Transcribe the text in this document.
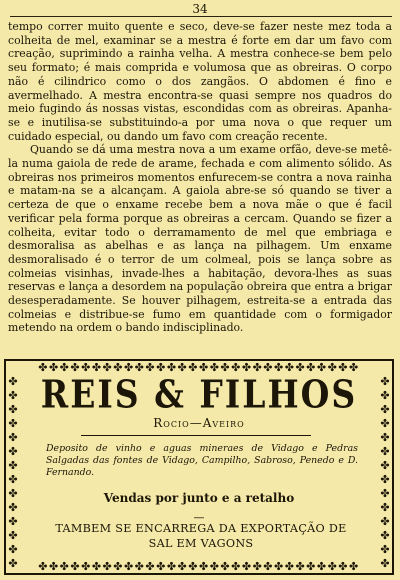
34

tempo correr muito quente e seco, deve-se fazer neste mez toda a colheita de mel, examinar se a mestra é forte em dar um favo com creação, suprimindo a rainha velha. A mestra conhece-se bem pelo seu formato; é mais comprida e volumosa que as obreiras. O corpo não é cilindrico como o dos zangãos. O abdomen é fino e avermelhado. A mestra encontra-se quasi sempre nos quadros do meio fugindo ás nossas vistas, escondidas com as obreiras. Apanha-se e inutilisa-se substituindo-a por uma nova o que requer um cuidado especial, ou dando um favo com creação recente.

Quando se dá uma mestra nova a um exame orfão, deve-se metê-la numa gaiola de rede de arame, fechada e com alimento sólido. As obreiras nos primeiros momentos enfurecem-se contra a nova rainha e matam-na se a alcançam. A gaiola abre-se só quando se tiver a certeza de que o enxame recebe bem a nova mãe o que é facil verificar pela forma porque as obreiras a cercam. Quando se fizer a colheita, evitar todo o derramamento de mel que embriaga e desmoralisa as abelhas e as lança na pilhagem. Um enxame desmoralisado é o terror de um colmeal, pois se lança sobre as colmeias visinhas, invade-lhes a habitação, devora-lhes as suas reservas e lança a desordem na população obreira que entra a brigar desesperadamente. Se houver pilhagem, estreita-se a entrada das colmeias e distribue-se fumo em quantidade com o formigador metendo na ordem o bando indisciplinado.

✤✤✤✤✤✤✤✤✤✤✤✤✤✤✤✤✤✤✤✤✤✤✤✤✤✤✤✤✤✤
✤✤✤✤✤✤✤✤✤✤✤✤✤✤✤✤✤✤✤✤✤✤✤✤✤✤✤✤✤✤
✤
✤
✤
✤
✤
✤
✤
✤
✤
✤
✤
✤
✤
✤
✤
✤
✤
✤
✤
✤
✤
✤
✤
✤
✤
✤
✤
✤
REIS & FILHOS
Rocio—Aveiro
Deposito de vinho e aguas mineraes de Vidago e Pedras Salgadas das fontes de Vidago, Campilho, Sabroso, Penedo e D. Fernando.
Vendas por junto e a retalho
—
TAMBEM SE ENCARREGA DA EXPORTAÇÃO DE
SAL EM VAGONS
